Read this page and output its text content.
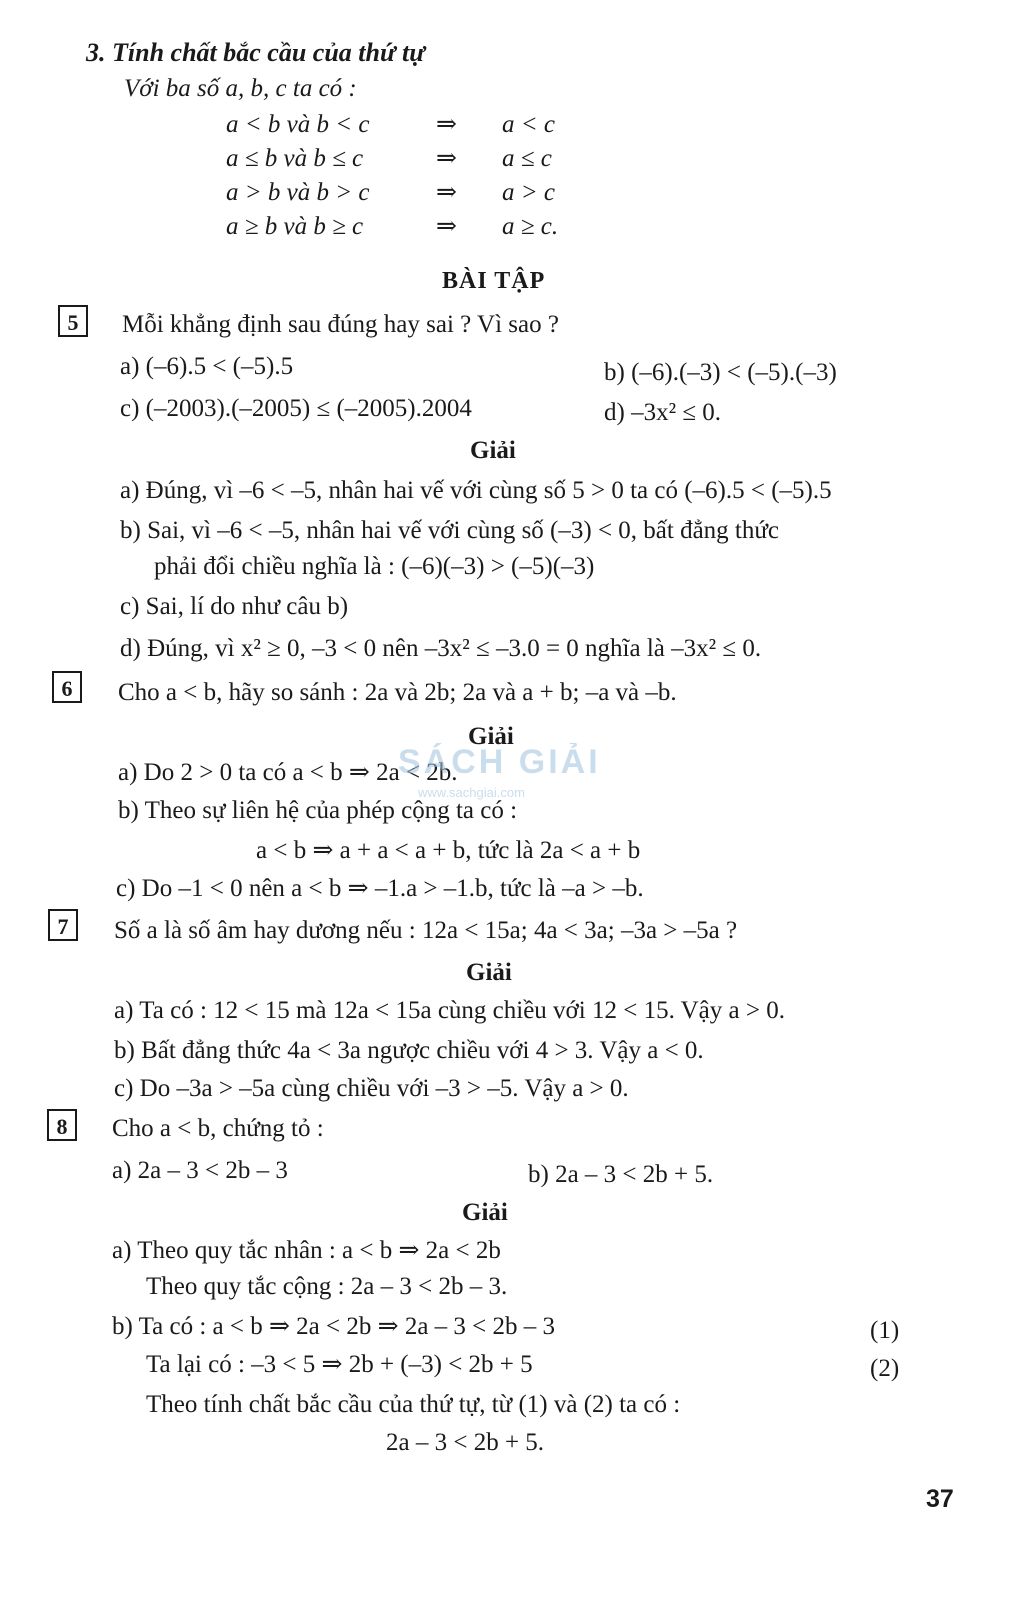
3. Tính chất bắc cầu của thứ tự
Với ba số a, b, c ta có :
a < b và b < c	⇒ a < c
a ≤ b và b ≤ c	⇒ a ≤ c
a > b và b > c	⇒ a > c
a ≥ b và b ≥ c	⇒ a ≥ c.
BÀI TẬP
5	Mỗi khẳng định sau đúng hay sai ? Vì sao ?
a) (–6).5 < (–5).5	b) (–6).(–3) < (–5).(–3)
c) (–2003).(–2005) ≤ (–2005).2004	d) –3x² ≤ 0.
Giải
a) Đúng, vì –6 < –5, nhân hai vế với cùng số 5 > 0 ta có (–6).5 < (–5).5
b) Sai, vì –6 < –5, nhân hai vế với cùng số (–3) < 0, bất đẳng thức
phải đổi chiều nghĩa là : (–6)(–3) > (–5)(–3)
c) Sai, lí do như câu b)
d) Đúng, vì x² ≥ 0, –3 < 0 nên –3x² ≤ –3.0 = 0 nghĩa là –3x² ≤ 0.
6	Cho a < b, hãy so sánh : 2a và 2b; 2a và a + b; –a và –b.
Giải
a) Do 2 > 0 ta có a < b ⇒ 2a < 2b.
b) Theo sự liên hệ của phép cộng ta có :
a < b ⇒ a + a < a + b, tức là 2a < a + b
c) Do –1 < 0 nên a < b ⇒ –1.a > –1.b, tức là –a > –b.
7	Số a là số âm hay dương nếu : 12a < 15a; 4a < 3a; –3a > –5a ?
Giải
a) Ta có : 12 < 15 mà 12a < 15a cùng chiều với 12 < 15. Vậy a > 0.
b) Bất đẳng thức 4a < 3a ngược chiều với 4 > 3. Vậy a < 0.
c) Do –3a > –5a cùng chiều với –3 > –5. Vậy a > 0.
8	Cho a < b, chứng tỏ :
a) 2a – 3 < 2b – 3	b) 2a – 3 < 2b + 5.
Giải
a) Theo quy tắc nhân : a < b ⇒ 2a < 2b
Theo quy tắc cộng : 2a – 3 < 2b – 3.
b) Ta có : a < b ⇒ 2a < 2b ⇒ 2a – 3 < 2b – 3	(1)
Ta lại có : –3 < 5 ⇒ 2b + (–3) < 2b + 5	(2)
Theo tính chất bắc cầu của thứ tự, từ (1) và (2) ta có :
2a – 3 < 2b + 5.
SÁCH GIẢI
www.sachgiai.com
37
